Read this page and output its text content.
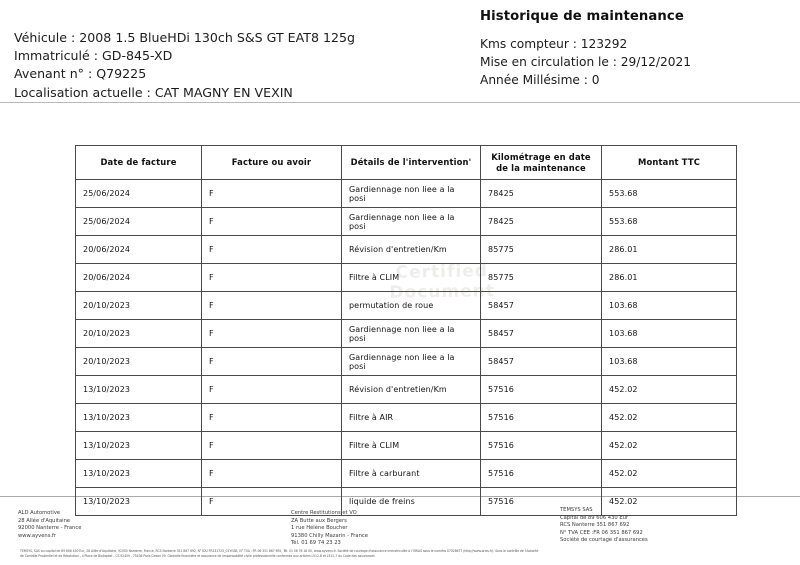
Véhicule : 2008 1.5 BlueHDi 130ch S&S GT EAT8 125g
Immatriculé : GD-845-XD
Avenant n° : Q79225
Localisation actuelle : CAT MAGNY EN VEXIN
Historique de maintenance
Kms compteur : 123292
Mise en circulation le : 29/12/2021
Année Millésime : 0
Certified
Document
Date de facture	Facture ou avoir	Détails de l'intervention'	Kilométrage en date de la maintenance	Montant TTC
25/06/2024	F	Gardiennage non liee a la posi	78425	553.68
25/06/2024	F	Gardiennage non liee a la posi	78425	553.68
20/06/2024	F	Révision d'entretien/Km	85775	286.01
20/06/2024	F	Filtre à CLIM	85775	286.01
20/10/2023	F	permutation de roue	58457	103.68
20/10/2023	F	Gardiennage non liee a la posi	58457	103.68
20/10/2023	F	Gardiennage non liee a la posi	58457	103.68
13/10/2023	F	Révision d'entretien/Km	57516	452.02
13/10/2023	F	Filtre à AIR	57516	452.02
13/10/2023	F	Filtre à CLIM	57516	452.02
13/10/2023	F	Filtre à carburant	57516	452.02
13/10/2023	F	liquide de freins	57516	452.02
ALD Automotive
28 Allée d'Aquitaine
92000 Nanterre - France
www.ayvens.fr
Centre Restitutions et VO
ZA Butte aux Bergers
1 rue Hélène Boucher
91380 Chilly Mazarin - France
Tél. 01 69 74 23 23
TEMSYS SAS
Capital de 89 606 430 Eur
RCS Nanterre 351 867 692
N° TVA CEE :FR 06 351 867 692
Société de courtage d'assurances
TEMSYS, SAS au capital de 89 606 430 Eur, 28 Allée d'Aquitaine, 92000 Nanterre, France, RCS Nanterre 351 867 692, N° IDU FR231725_01YGSB, N° TVA : FR 06 351 867 692, Tél. 01 56 76 18 00, www.ayvens.fr. Société de courtage d'assurance immatriculée à l'ORIAS sous le numéro 07026677 (http://www.orias.fr). Sous le contrôle de l'Autorité
de Contrôle Prudentiel et de Résolution - 4 Place de Budapest - CS 92459 - 75436 Paris Cedex 09. Garantie financière et assurance de responsabilité civile professionnelle conformes aux articles L512-6 et L512-7 du Code des assurances
